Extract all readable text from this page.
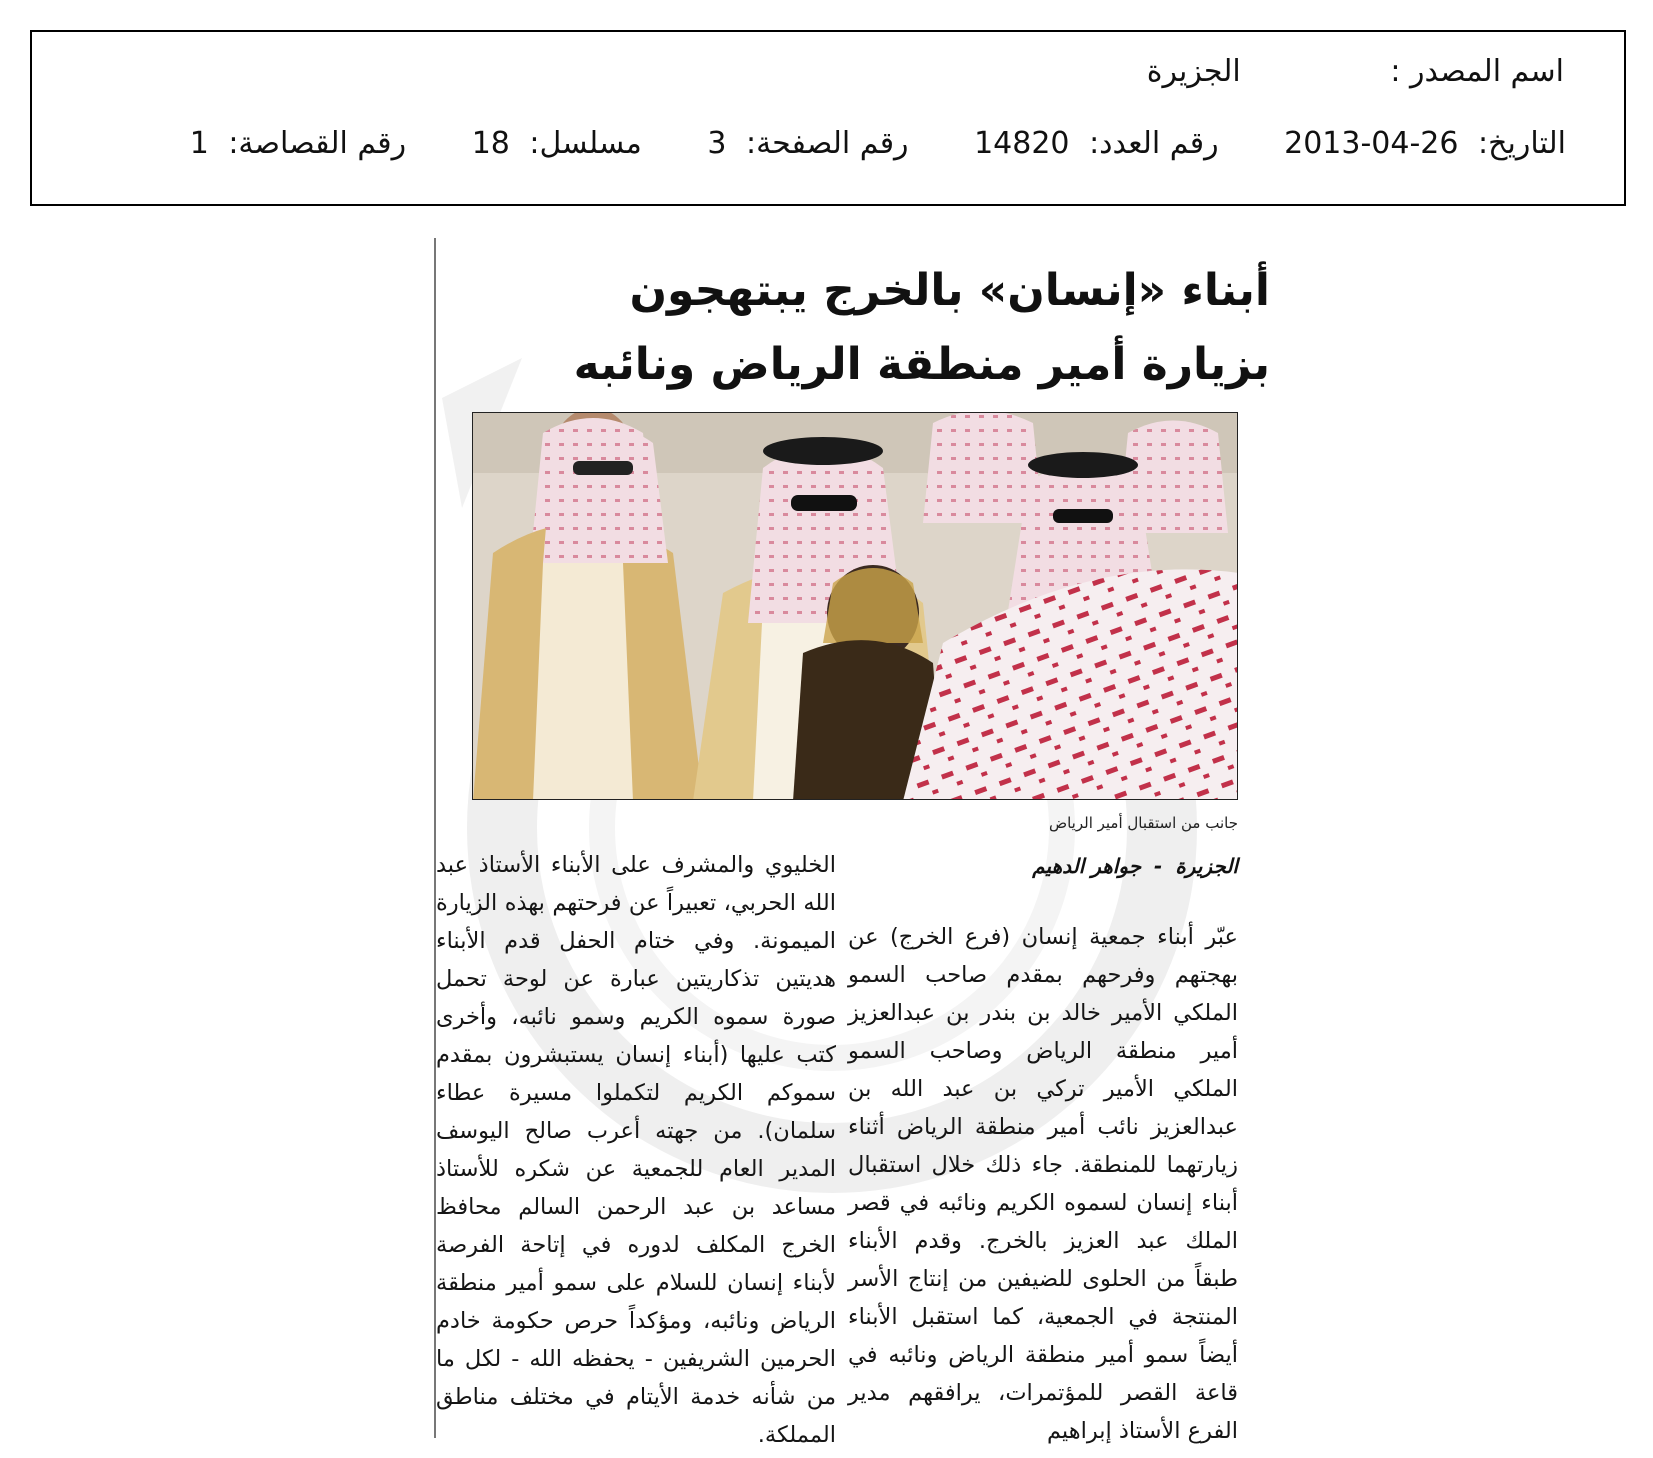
اسم المصدر : الجزيرة
التاريخ: 2013-04-26 رقم العدد: 14820 رقم الصفحة: 3 مسلسل: 18 رقم القصاصة: 1
أبناء «إنسان» بالخرج يبتهجون بزيارة أمير منطقة الرياض ونائبه
جانب من استقبال أمير الرياض
الجزيرة - جواهر الدهيم

عبّر أبناء جمعية إنسان (فرع الخرج) عن بهجتهم وفرحهم بمقدم صاحب السمو الملكي الأمير خالد بن بندر بن عبدالعزيز أمير منطقة الرياض وصاحب السمو الملكي الأمير تركي بن عبد الله بن عبدالعزيز نائب أمير منطقة الرياض أثناء زيارتهما للمنطقة. جاء ذلك خلال استقبال أبناء إنسان لسموه الكريم ونائبه في قصر الملك عبد العزيز بالخرج. وقدم الأبناء طبقاً من الحلوى للضيفين من إنتاج الأسر المنتجة في الجمعية، كما استقبل الأبناء أيضاً سمو أمير منطقة الرياض ونائبه في قاعة القصر للمؤتمرات، يرافقهم مدير الفرع الأستاذ إبراهيم

الخليوي والمشرف على الأبناء الأستاذ عبد الله الحربي، تعبيراً عن فرحتهم بهذه الزيارة الميمونة. وفي ختام الحفل قدم الأبناء هديتين تذكاريتين عبارة عن لوحة تحمل صورة سموه الكريم وسمو نائبه، وأخرى كتب عليها (أبناء إنسان يستبشرون بمقدم سموكم الكريم لتكملوا مسيرة عطاء سلمان). من جهته أعرب صالح اليوسف المدير العام للجمعية عن شكره للأستاذ مساعد بن عبد الرحمن السالم محافظ الخرج المكلف لدوره في إتاحة الفرصة لأبناء إنسان للسلام على سمو أمير منطقة الرياض ونائبه، ومؤكداً حرص حكومة خادم الحرمين الشريفين - يحفظه الله - لكل ما من شأنه خدمة الأيتام في مختلف مناطق المملكة.
